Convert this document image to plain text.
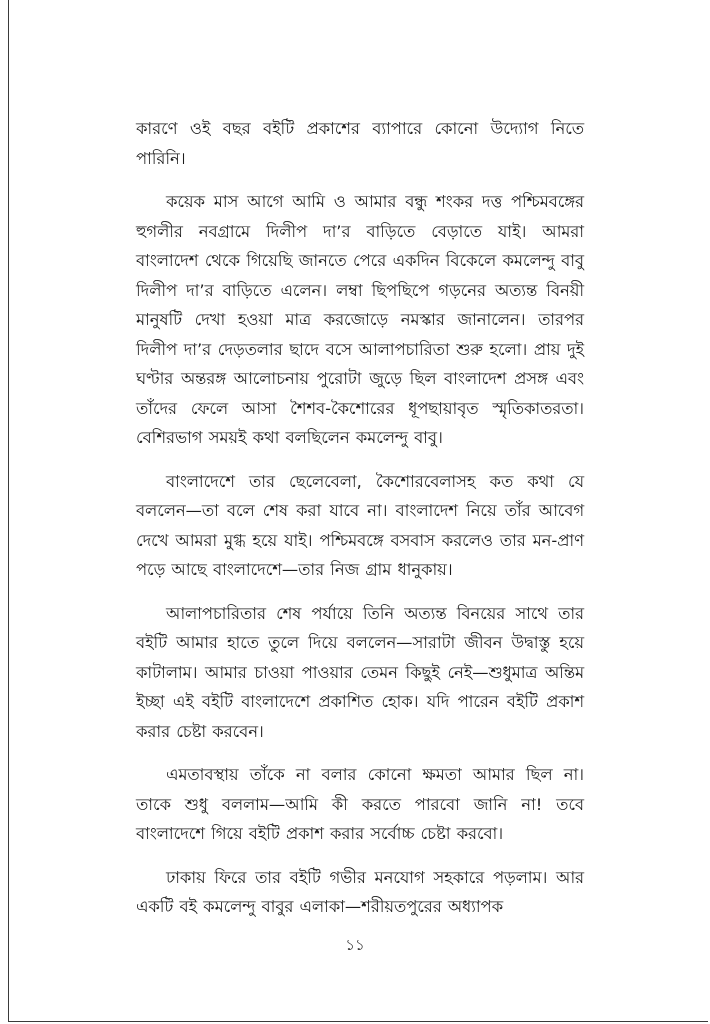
কারণে ওই বছর বইটি প্রকাশের ব্যাপারে কোনো উদ্যোগ নিতে পারিনি।

কয়েক মাস আগে আমি ও আমার বন্ধু শংকর দত্ত পশ্চিমবঙ্গের হুগলীর নবগ্রামে দিলীপ দা’র বাড়িতে বেড়াতে যাই। আমরা বাংলাদেশ থেকে গিয়েছি জানতে পেরে একদিন বিকেলে কমলেন্দু বাবু দিলীপ দা’র বাড়িতে এলেন। লম্বা ছিপছিপে গড়নের অত্যন্ত বিনয়ী মানুষটি দেখা হওয়া মাত্র করজোড়ে নমস্কার জানালেন। তারপর দিলীপ দা’র দেড়তলার ছাদে বসে আলাপচারিতা শুরু হলো। প্রায় দুই ঘণ্টার অন্তরঙ্গ আলোচনায় পুরোটা জুড়ে ছিল বাংলাদেশ প্রসঙ্গ এবং তাঁদের ফেলে আসা শৈশব-কৈশোরের ধূপছায়াবৃত স্মৃতিকাতরতা। বেশিরভাগ সময়ই কথা বলছিলেন কমলেন্দু বাবু।

বাংলাদেশে তার ছেলেবেলা, কৈশোরবেলাসহ কত কথা যে বললেন—তা বলে শেষ করা যাবে না। বাংলাদেশ নিয়ে তাঁর আবেগ দেখে আমরা মুগ্ধ হয়ে যাই। পশ্চিমবঙ্গে বসবাস করলেও তার মন-প্রাণ পড়ে আছে বাংলাদেশে—তার নিজ গ্রাম ধানুকায়।

আলাপচারিতার শেষ পর্যায়ে তিনি অত্যন্ত বিনয়ের সাথে তার বইটি আমার হাতে তুলে দিয়ে বললেন—সারাটা জীবন উদ্বাস্তু হয়ে কাটালাম। আমার চাওয়া পাওয়ার তেমন কিছুই নেই—শুধুমাত্র অন্তিম ইচ্ছা এই বইটি বাংলাদেশে প্রকাশিত হোক। যদি পারেন বইটি প্রকাশ করার চেষ্টা করবেন।

এমতাবস্থায় তাঁকে না বলার কোনো ক্ষমতা আমার ছিল না। তাকে শুধু বললাম—আমি কী করতে পারবো জানি না! তবে বাংলাদেশে গিয়ে বইটি প্রকাশ করার সর্বোচ্চ চেষ্টা করবো।

ঢাকায় ফিরে তার বইটি গভীর মনযোগ সহকারে পড়লাম। আর একটি বই কমলেন্দু বাবুর এলাকা—শরীয়তপুরের অধ্যাপক

১১
